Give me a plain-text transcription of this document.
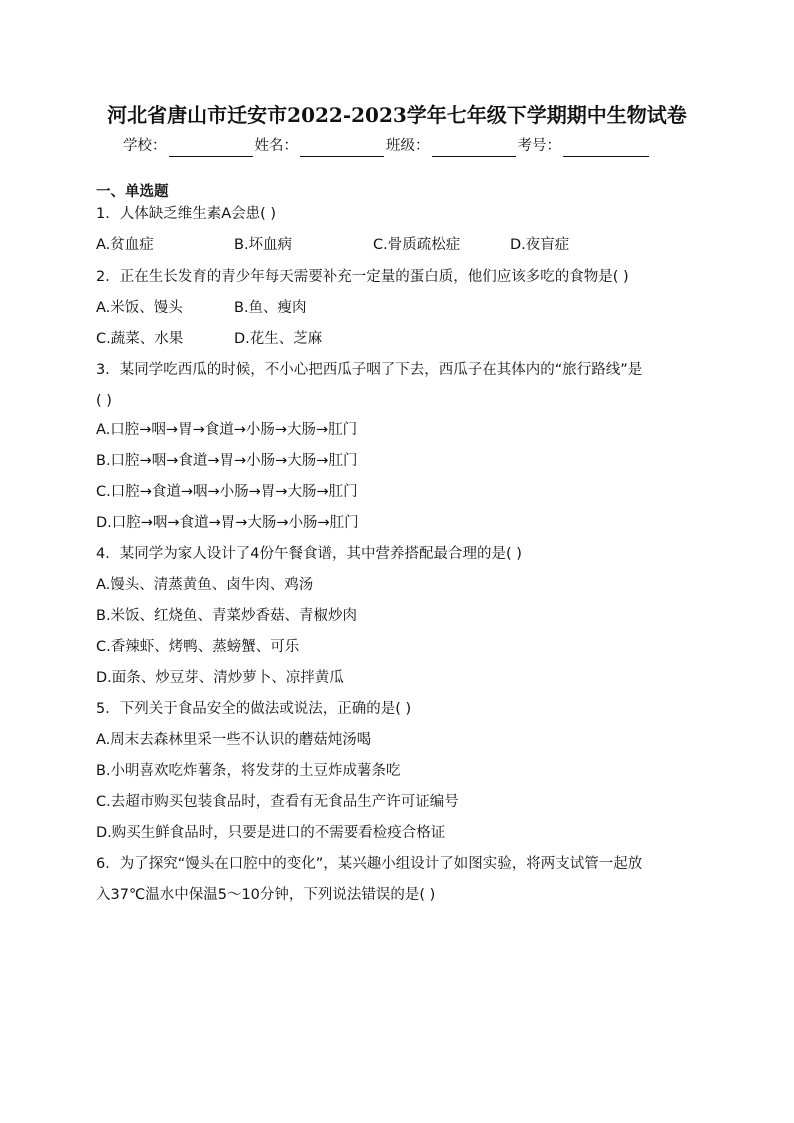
河北省唐山市迁安市2022-2023学年七年级下学期期中生物试卷
学校：	姓名：	班级：	考号：
一、单选题
1．人体缺乏维生素A会患( )
A.贫血症	B.坏血病	C.骨质疏松症	D.夜盲症
2．正在生长发育的青少年每天需要补充一定量的蛋白质，他们应该多吃的食物是( )
A.米饭、馒头	B.鱼、瘦肉
C.蔬菜、水果	D.花生、芝麻
3．某同学吃西瓜的时候，不小心把西瓜子咽了下去，西瓜子在其体内的“旅行路线”是
( )
A.口腔→咽→胃→食道→小肠→大肠→肛门
B.口腔→咽→食道→胃→小肠→大肠→肛门
C.口腔→食道→咽→小肠→胃→大肠→肛门
D.口腔→咽→食道→胃→大肠→小肠→肛门
4．某同学为家人设计了4份午餐食谱，其中营养搭配最合理的是( )
A.馒头、清蒸黄鱼、卤牛肉、鸡汤
B.米饭、红烧鱼、青菜炒香菇、青椒炒肉
C.香辣虾、烤鸭、蒸螃蟹、可乐
D.面条、炒豆芽、清炒萝卜、凉拌黄瓜
5．下列关于食品安全的做法或说法，正确的是( )
A.周末去森林里采一些不认识的蘑菇炖汤喝
B.小明喜欢吃炸薯条，将发芽的土豆炸成薯条吃
C.去超市购买包装食品时，查看有无食品生产许可证编号
D.购买生鲜食品时，只要是进口的不需要看检疫合格证
6．为了探究“馒头在口腔中的变化”，某兴趣小组设计了如图实验，将两支试管一起放
入37℃温水中保温5～10分钟，下列说法错误的是( )
